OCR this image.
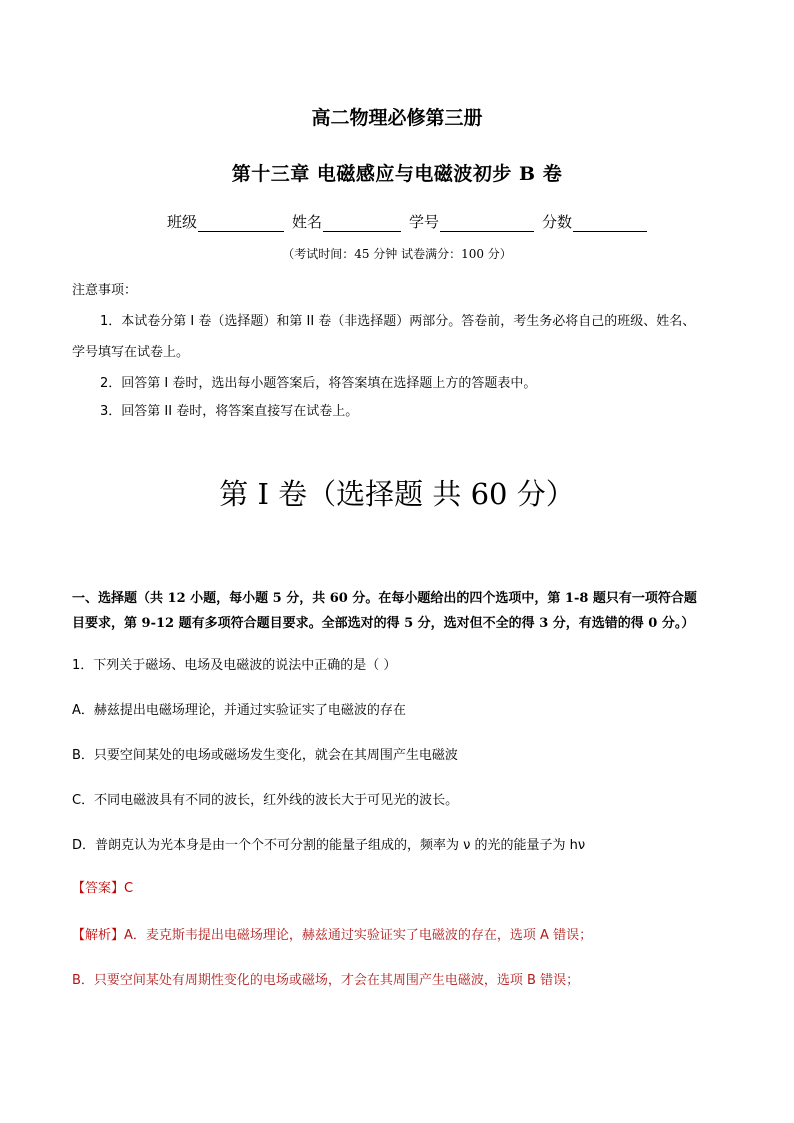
高二物理必修第三册
第十三章 电磁感应与电磁波初步 B 卷
班级	姓名	学号	分数
（考试时间：45 分钟 试卷满分：100 分）
注意事项：
1．本试卷分第 I 卷（选择题）和第 II 卷（非选择题）两部分。答卷前，考生务必将自己的班级、姓名、
学号填写在试卷上。
2．回答第 I 卷时，选出每小题答案后，将答案填在选择题上方的答题表中。
3．回答第 II 卷时，将答案直接写在试卷上。
第 I 卷（选择题 共 60 分）
一、选择题（共 12 小题，每小题 5 分，共 60 分。在每小题给出的四个选项中，第 1-8 题只有一项符合题
目要求，第 9-12 题有多项符合题目要求。全部选对的得 5 分，选对但不全的得 3 分，有选错的得 0 分。）
1．下列关于磁场、电场及电磁波的说法中正确的是（ ）
A．赫兹提出电磁场理论，并通过实验证实了电磁波的存在
B．只要空间某处的电场或磁场发生变化，就会在其周围产生电磁波
C．不同电磁波具有不同的波长，红外线的波长大于可见光的波长。
D．普朗克认为光本身是由一个个不可分割的能量子组成的，频率为 ν 的光的能量子为 hν
【答案】C
【解析】A．麦克斯韦提出电磁场理论，赫兹通过实验证实了电磁波的存在，选项 A 错误；
B．只要空间某处有周期性变化的电场或磁场，才会在其周围产生电磁波，选项 B 错误；
